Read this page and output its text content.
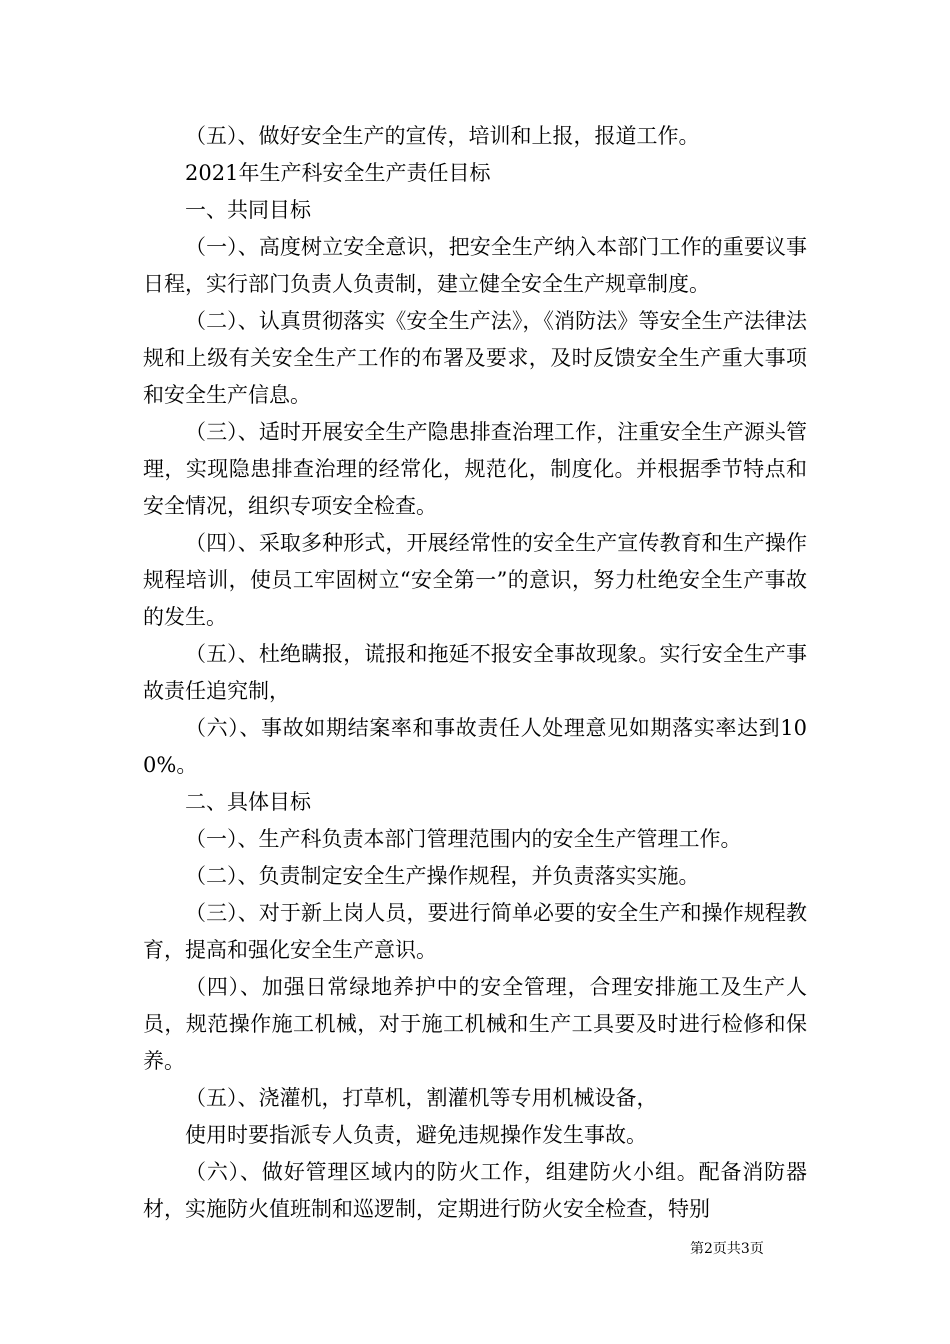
（五）、做好安全生产的宣传，培训和上报，报道工作。

2021年生产科安全生产责任目标

一、共同目标

（一）、高度树立安全意识，把安全生产纳入本部门工作的重要议事日程，实行部门负责人负责制，建立健全安全生产规章制度。

（二）、认真贯彻落实《安全生产法》，《消防法》等安全生产法律法规和上级有关安全生产工作的布署及要求，及时反馈安全生产重大事项和安全生产信息。

（三）、适时开展安全生产隐患排查治理工作，注重安全生产源头管理，实现隐患排查治理的经常化，规范化，制度化。并根据季节特点和安全情况，组织专项安全检查。

（四）、采取多种形式，开展经常性的安全生产宣传教育和生产操作规程培训，使员工牢固树立“安全第一”的意识，努力杜绝安全生产事故的发生。

（五）、杜绝瞒报，谎报和拖延不报安全事故现象。实行安全生产事故责任追究制，

（六）、事故如期结案率和事故责任人处理意见如期落实率达到100%。

二、具体目标

（一）、生产科负责本部门管理范围内的安全生产管理工作。

（二）、负责制定安全生产操作规程，并负责落实实施。

（三）、对于新上岗人员，要进行简单必要的安全生产和操作规程教育，提高和强化安全生产意识。

（四）、加强日常绿地养护中的安全管理，合理安排施工及生产人员，规范操作施工机械，对于施工机械和生产工具要及时进行检修和保养。

（五）、浇灌机，打草机，割灌机等专用机械设备，

使用时要指派专人负责，避免违规操作发生事故。

（六）、做好管理区域内的防火工作，组建防火小组。配备消防器材，实施防火值班制和巡逻制，定期进行防火安全检查，特别

第2页共3页
